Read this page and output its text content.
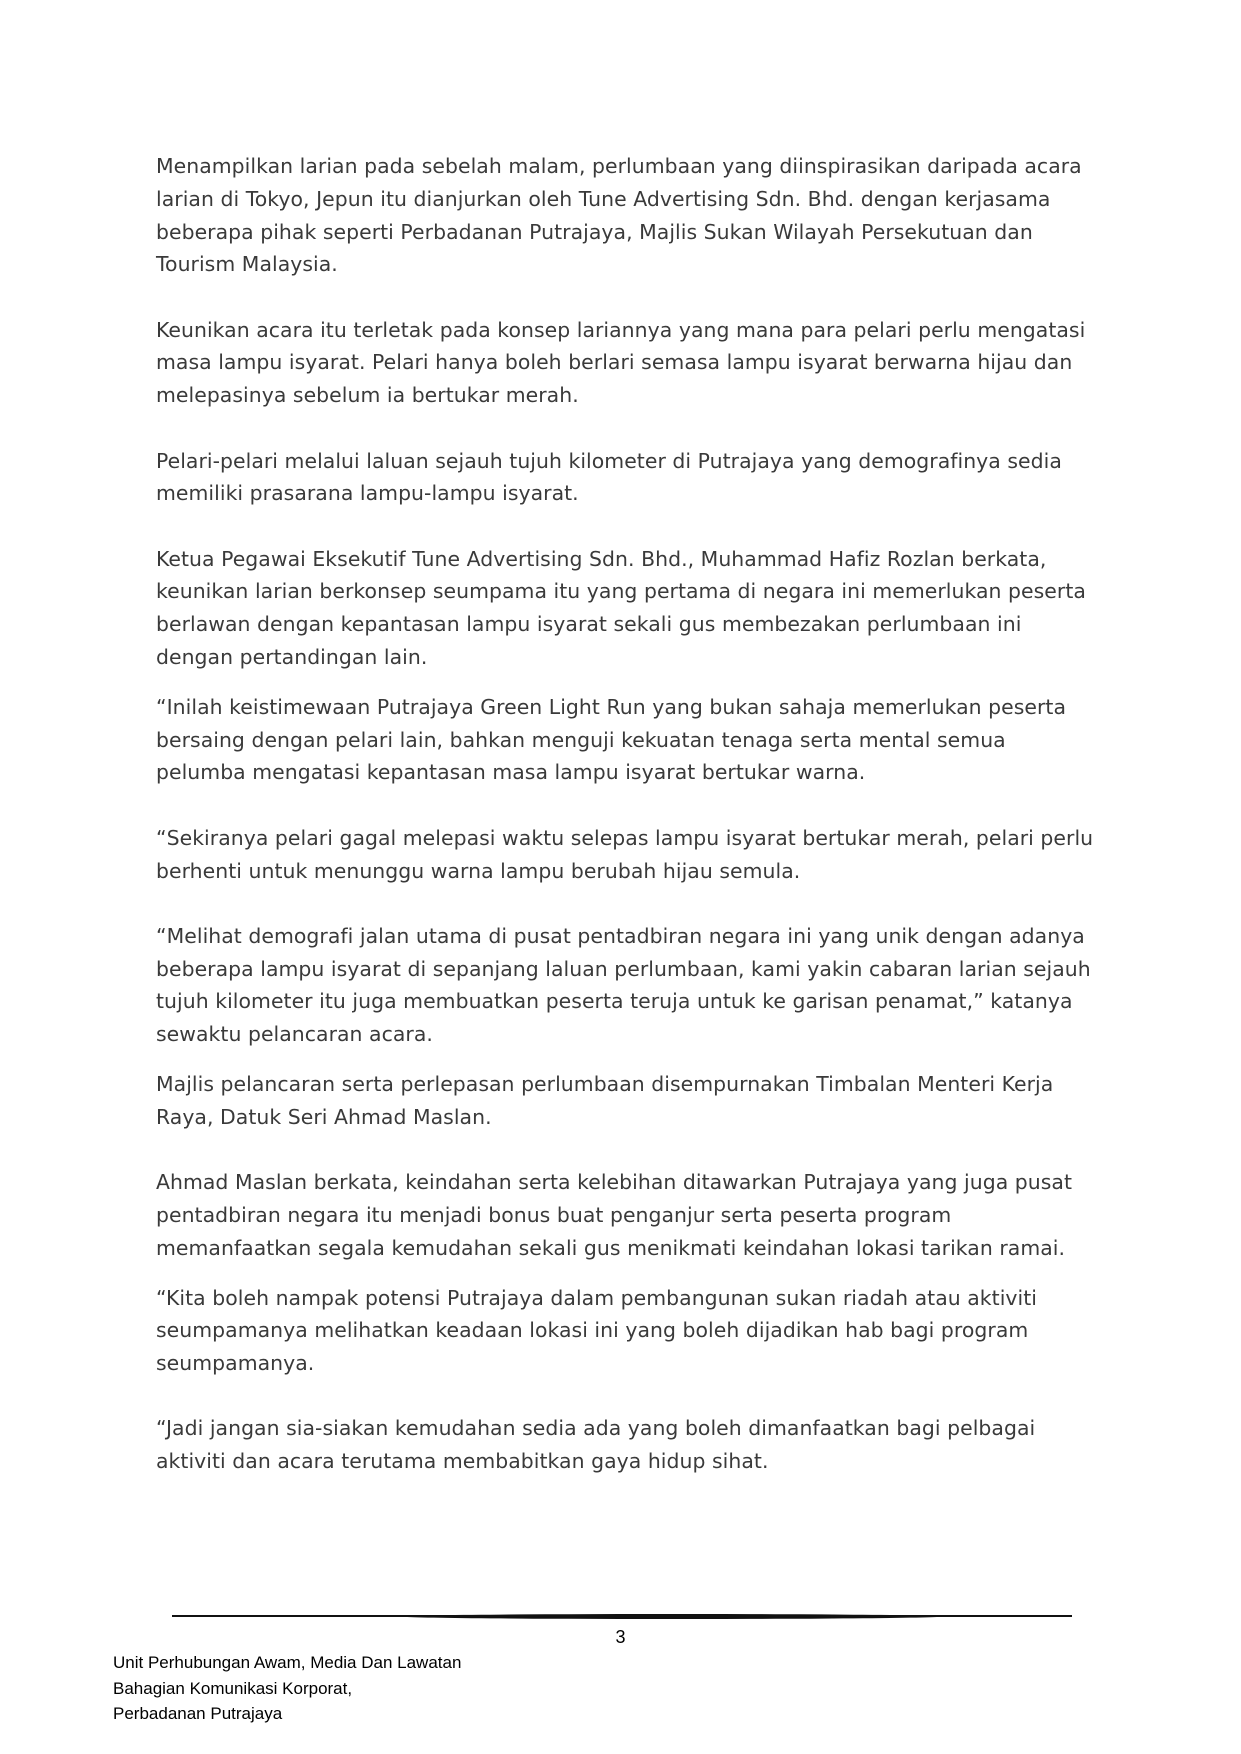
Menampilkan larian pada sebelah malam, perlumbaan yang diinspirasikan daripada acara larian di Tokyo, Jepun itu dianjurkan oleh Tune Advertising Sdn. Bhd. dengan kerjasama beberapa pihak seperti Perbadanan Putrajaya, Majlis Sukan Wilayah Persekutuan dan Tourism Malaysia.

Keunikan acara itu terletak pada konsep lariannya yang mana para pelari perlu mengatasi masa lampu isyarat. Pelari hanya boleh berlari semasa lampu isyarat berwarna hijau dan melepasinya sebelum ia bertukar merah.

Pelari-pelari melalui laluan sejauh tujuh kilometer di Putrajaya yang demografinya sedia memiliki prasarana lampu-lampu isyarat.

Ketua Pegawai Eksekutif Tune Advertising Sdn. Bhd., Muhammad Hafiz Rozlan berkata, keunikan larian berkonsep seumpama itu yang pertama di negara ini memerlukan peserta berlawan dengan kepantasan lampu isyarat sekali gus membezakan perlumbaan ini dengan pertandingan lain.

“Inilah keistimewaan Putrajaya Green Light Run yang bukan sahaja memerlukan peserta bersaing dengan pelari lain, bahkan menguji kekuatan tenaga serta mental semua pelumba mengatasi kepantasan masa lampu isyarat bertukar warna.

“Sekiranya pelari gagal melepasi waktu selepas lampu isyarat bertukar merah, pelari perlu berhenti untuk menunggu warna lampu berubah hijau semula.

“Melihat demografi jalan utama di pusat pentadbiran negara ini yang unik dengan adanya beberapa lampu isyarat di sepanjang laluan perlumbaan, kami yakin cabaran larian sejauh tujuh kilometer itu juga membuatkan peserta teruja untuk ke garisan penamat,” katanya sewaktu pelancaran acara.

Majlis pelancaran serta perlepasan perlumbaan disempurnakan Timbalan Menteri Kerja Raya, Datuk Seri Ahmad Maslan.

Ahmad Maslan berkata, keindahan serta kelebihan ditawarkan Putrajaya yang juga pusat pentadbiran negara itu menjadi bonus buat penganjur serta peserta program memanfaatkan segala kemudahan sekali gus menikmati keindahan lokasi tarikan ramai.

“Kita boleh nampak potensi Putrajaya dalam pembangunan sukan riadah atau aktiviti seumpamanya melihatkan keadaan lokasi ini yang boleh dijadikan hab bagi program seumpamanya.

“Jadi jangan sia-siakan kemudahan sedia ada yang boleh dimanfaatkan bagi pelbagai aktiviti dan acara terutama membabitkan gaya hidup sihat.

3
Unit Perhubungan Awam, Media Dan Lawatan
Bahagian Komunikasi Korporat,
Perbadanan Putrajaya
